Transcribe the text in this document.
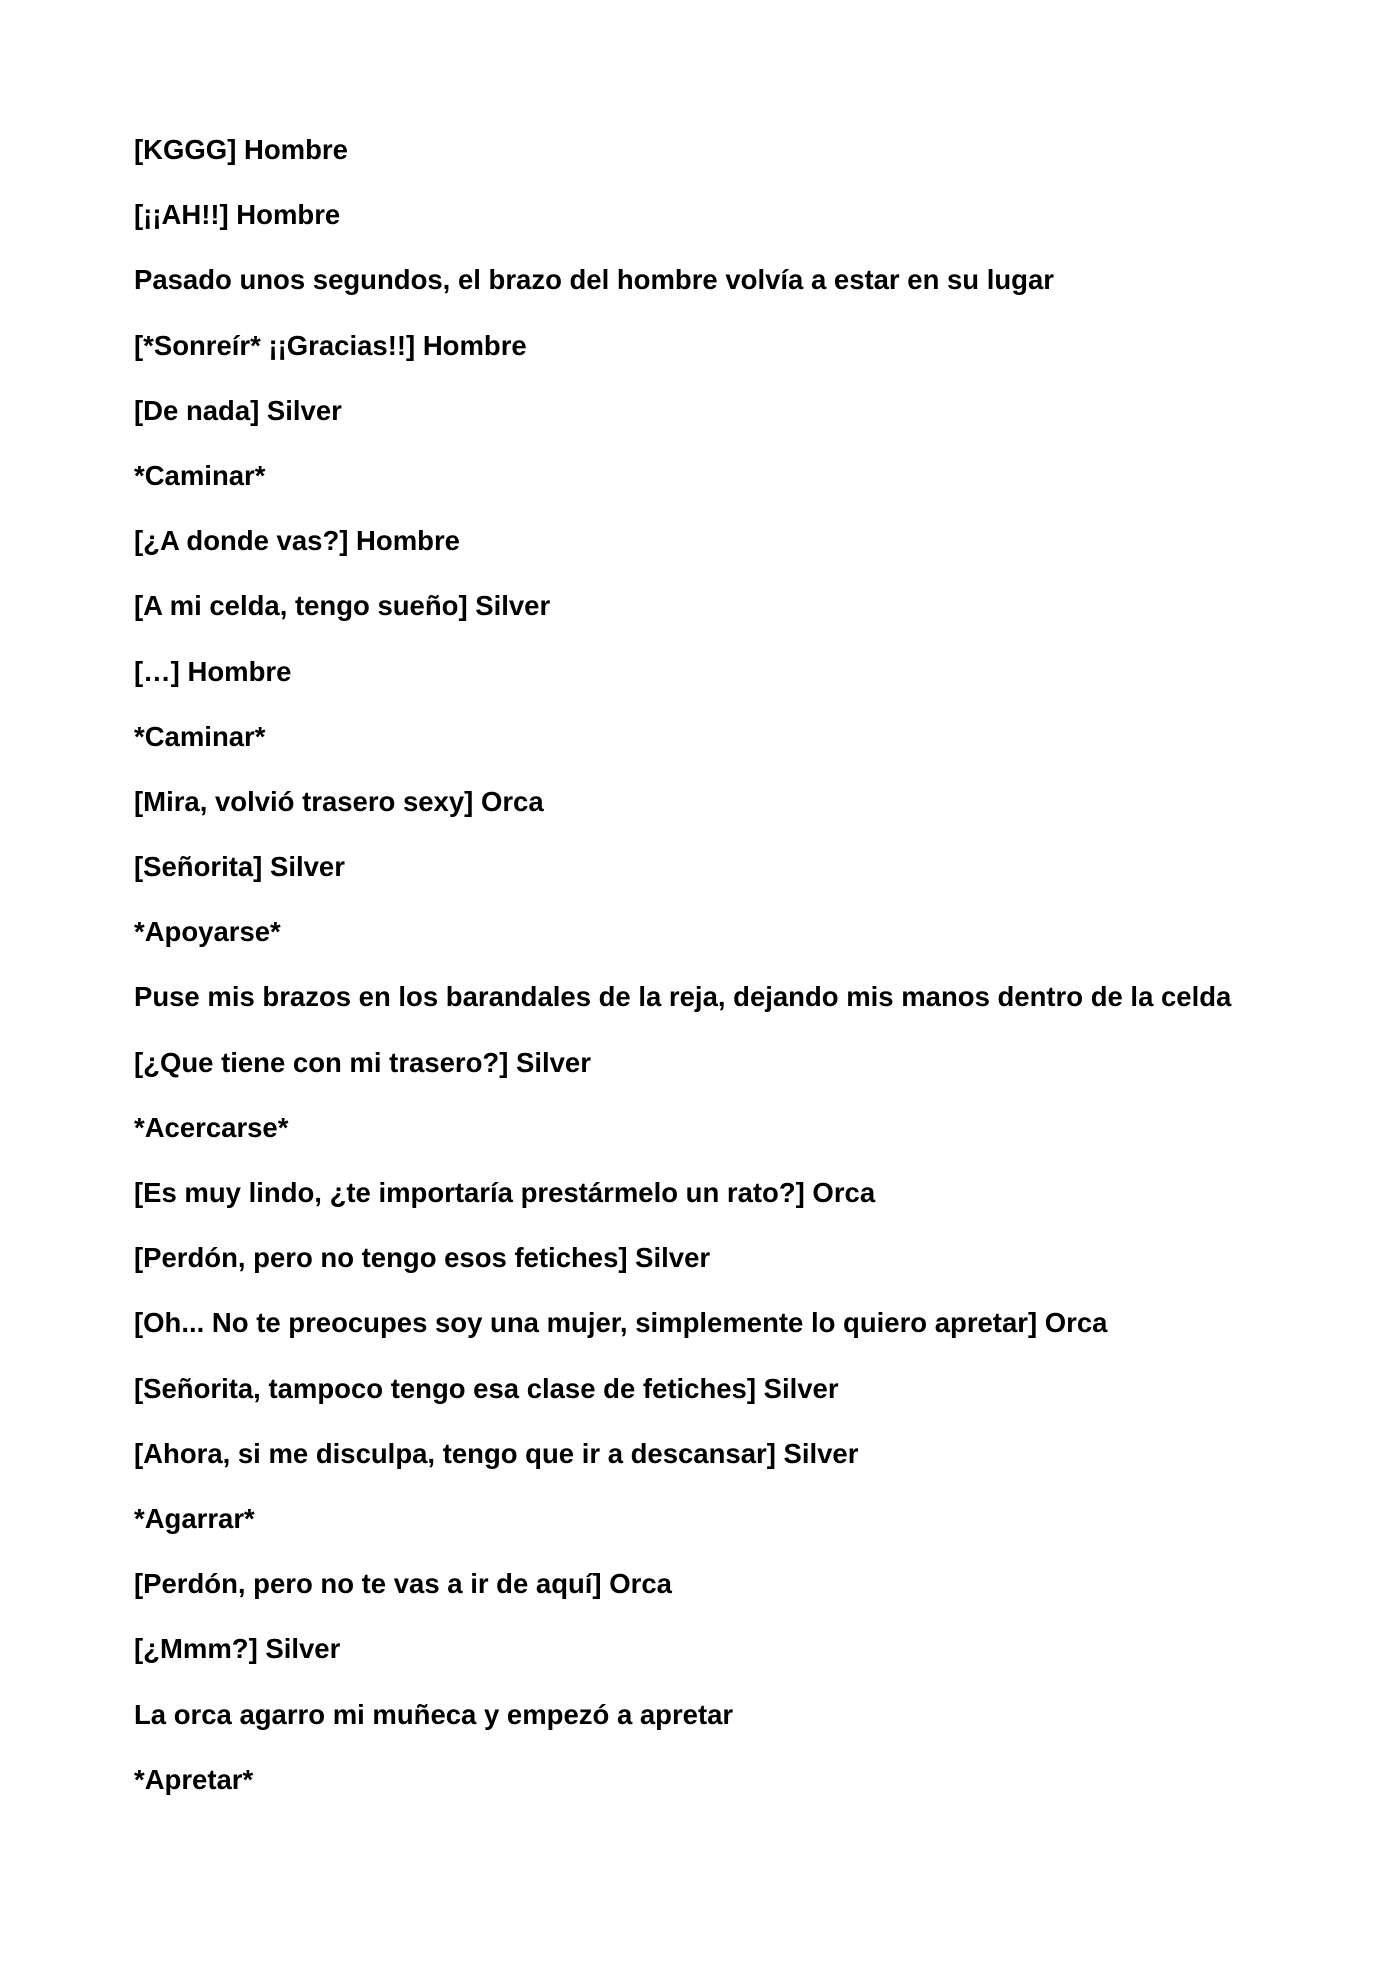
[KGGG] Hombre
[¡¡AH!!] Hombre
Pasado unos segundos, el brazo del hombre volvía a estar en su lugar
[*Sonreír* ¡¡Gracias!!] Hombre
[De nada] Silver
*Caminar*
[¿A donde vas?] Hombre
[A mi celda, tengo sueño] Silver
[…] Hombre
*Caminar*
[Mira, volvió trasero sexy] Orca
[Señorita] Silver
*Apoyarse*
Puse mis brazos en los barandales de la reja, dejando mis manos dentro de la celda
[¿Que tiene con mi trasero?] Silver
*Acercarse*
[Es muy lindo, ¿te importaría prestármelo un rato?] Orca
[Perdón, pero no tengo esos fetiches] Silver
[Oh... No te preocupes soy una mujer, simplemente lo quiero apretar] Orca
[Señorita, tampoco tengo esa clase de fetiches] Silver
[Ahora, si me disculpa, tengo que ir a descansar] Silver
*Agarrar*
[Perdón, pero no te vas a ir de aquí] Orca
[¿Mmm?] Silver
La orca agarro mi muñeca y empezó a apretar
*Apretar*
